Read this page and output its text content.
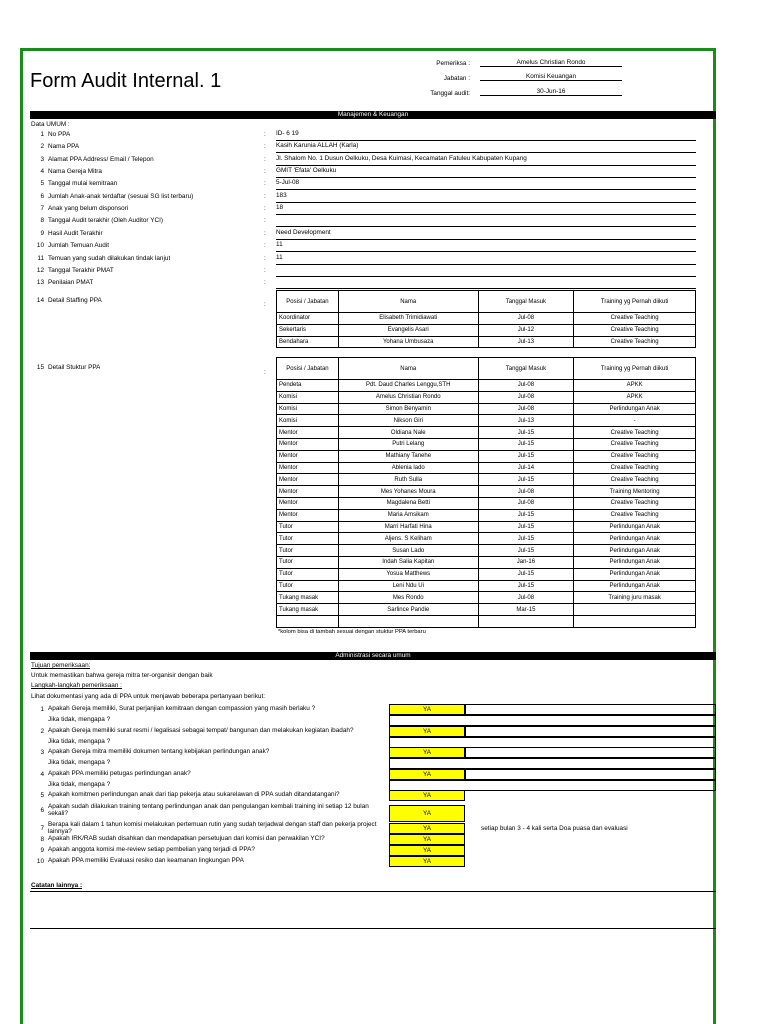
Form Audit Internal. 1
Pemeriksa :	Amelus Christian Rondo
Jabatan :	Komisi Keuangan
Tanggal audit:	30-Jun-16
Manajemen & Keuangan
Data UMUM :
1 No PPA	: ID- 6 19
2 Nama PPA	: Kasih Karunia ALLAH (Karla)
3 Alamat PPA Address/ Email / Telepon	: Jl. Shalom No. 1 Dusun Oelkuku, Desa Kuimasi, Kecamatan Fatuleu Kabupaten Kupang
4 Nama Gereja Mitra	: GMIT 'Efata' Oelkuku
5 Tanggal mulai kemitraan	: 5-Jul-08
6 Jumlah Anak-anak terdaftar (sesuai SG list terbaru)	: 183
7 Anak yang belum disponsori	: 18
8 Tanggal Audit terakhir (Oleh Auditor YCI)	:
9 Hasil Audit Terakhir	: Need Development
10 Jumlah Temuan Audit	: 11
11 Temuan yang sudah dilakukan tindak lanjut	: 11
12 Tanggal Terakhir PMAT	:
13 Penilaian PMAT	:
14 Detail Staffing PPA
:	Posisi / Jabatan	Nama	Tanggal Masuk	Training yg Pernah diikuti
Koordinator	Elisabeth Trimidiawati	Jul-08	Creative Teaching
Sekertaris	Evangelis Asari	Jul-12	Creative Teaching
Bendahara	Yohana Umbusaza	Jul-13	Creative Teaching
15 Detail Stuktur PPA
:
Posisi / Jabatan	Nama	Tanggal Masuk	Training yg Pernah diikuti
Pendeta	Pdt. Daud Charles Lenggu,STH	Jul-08	APKK
Komisi	Amelus Christian Rondo	Jul-08	APKK
Komisi	Simon Benyamin	Jul-08	Perlindungan Anak
Komisi	Nikson Giri	Jul-13	-
Mentor	Oldiana Nale	Jul-15	Creative Teaching
Mentor	Putri Lelang	Jul-15	Creative Teaching
Mentor	Mathiany Tanehe	Jul-15	Creative Teaching
Mentor	Ablenia lado	Jul-14	Creative Teaching
Mentor	Ruth Sulla	Jul-15	Creative Teaching
Mentor	Mes Yohanes Moura	Jul-08	Training Mentoring
Mentor	Magdalena Betti	Jul-08	Creative Teaching
Mentor	Maria Amsikam	Jul-15	Creative Teaching
Tutor	Marri Harfati Hina	Jul-15	Perlindungan Anak
Tutor	Aljens. S Keliham	Jul-15	Perlindungan Anak
Tutor	Susan Lado	Jul-15	Perlindungan Anak
Tutor	Indah Salia Kapitan	Jan-16	Perlindungan Anak
Tutor	Yosua Matthews	Jul-15	Perlindungan Anak
Tutor	Leni Ndu Ui	Jul-15	Perlindungan Anak
Tukang masak	Mes Rondo	Jul-08	Training juru masak
Tukang masak	Sarlince Pandie	Mar-15	

*kolom bisa di tambah sesuai dengan stuktur PPA terbaru
Administrasi secara umum
Tujuan pemeriksaan:
Untuk memastikan bahwa gereja mitra ter-organisir dengan baik
Langkah-langkah pemeriksaan :
Lihat dokumentasi yang ada di PPA untuk menjawab beberapa pertanyaan berikut:
1 Apakah Gereja memiliki, Surat perjanjian kemitraan dengan compassion yang masih berlaku ?	YA
Jika tidak, mengapa ?
2 Apakah Gereja memiliki surat resmi / legalisasi sebagai tempat/ bangunan dan melakukan kegiatan ibadah?	YA
Jika tidak, mengapa ?
3 Apakah Gereja mitra memiliki dokumen tentang kebijakan perlindungan anak?	YA
Jika tidak, mengapa ?
4 Apakah PPA memiliki petugas perlindungan anak?	YA
Jika tidak, mengapa ?
5 Apakah komitmen perlindungan anak dari tiap pekerja atau sukarelawan di PPA sudah ditandatangani?	YA
6
Apakah sudah dilakukan training tentang perlindungan anak dan pengulangan kembali training ini setiap 12 bulan sekali?	YA
7
Berapa kali dalam 1 tahun komisi melakukan pertemuan rutin yang sudah terjadwal dengan staff dan pekerja project lainnya?	YA	setiap bulan 3 - 4 kali serta Doa puasa dan evaluasi
8 Apakah IRK/RAB sudah disahkan dan mendapatkan persetujuan dari komisi dan perwakilan YCI?	YA
9 Apakah anggota komisi me-review setiap pembelian yang terjadi di PPA?	YA
10 Apakah PPA memiliki Evaluasi resiko dan keamanan lingkungan PPA	YA
Catatan lainnya :
